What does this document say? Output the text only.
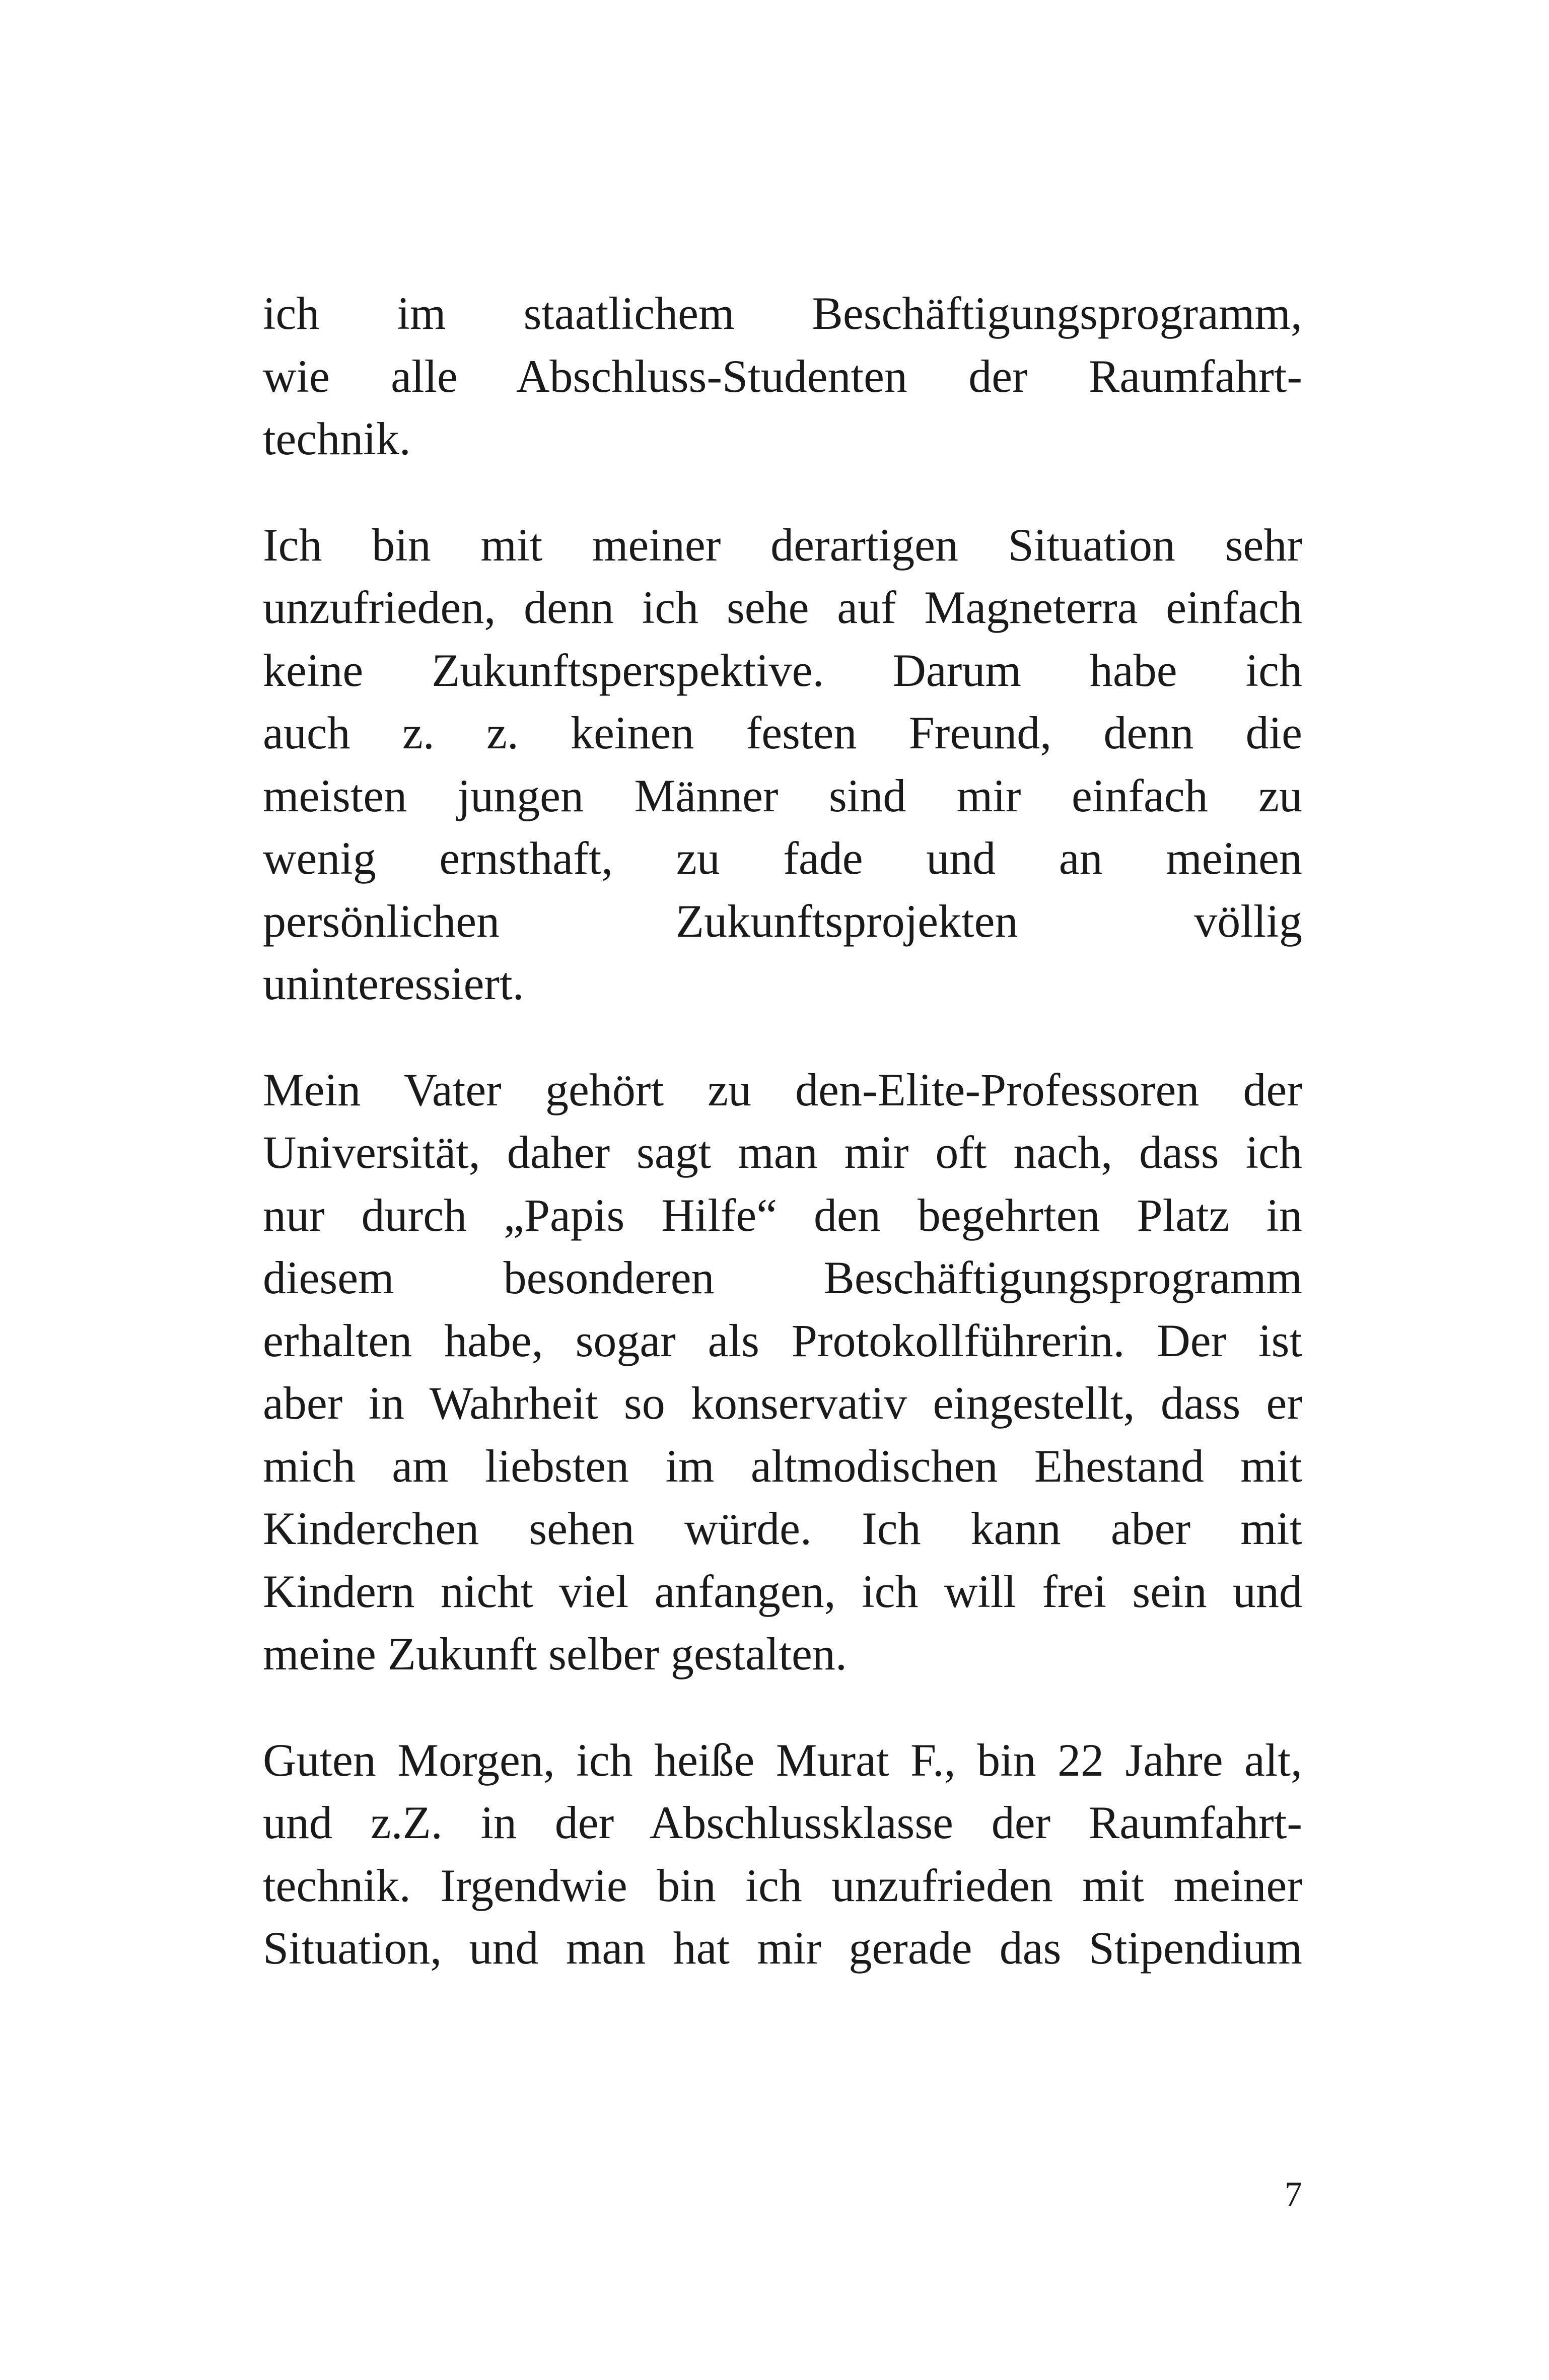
ich im staatlichem Beschäftigungsprogramm,
wie alle Abschluss-Studenten der Raumfahrt-
technik.
Ich bin mit meiner derartigen Situation sehr
unzufrieden, denn ich sehe auf Magneterra einfach
keine Zukunftsperspektive. Darum habe ich
auch z. z. keinen festen Freund, denn die
meisten jungen Männer sind mir einfach zu
wenig ernsthaft, zu fade und an meinen
persönlichen Zukunftsprojekten völlig
uninteressiert.
Mein Vater gehört zu den-Elite-Professoren der
Universität, daher sagt man mir oft nach, dass ich
nur durch „Papis Hilfe“ den begehrten Platz in
diesem besonderen Beschäftigungsprogramm
erhalten habe, sogar als Protokollführerin. Der ist
aber in Wahrheit so konservativ eingestellt, dass er
mich am liebsten im altmodischen Ehestand mit
Kinderchen sehen würde. Ich kann aber mit
Kindern nicht viel anfangen, ich will frei sein und
meine Zukunft selber gestalten.
Guten Morgen, ich heiße Murat F., bin 22 Jahre alt,
und z.Z. in der Abschlussklasse der Raumfahrt-
technik. Irgendwie bin ich unzufrieden mit meiner
Situation, und man hat mir gerade das Stipendium
7
